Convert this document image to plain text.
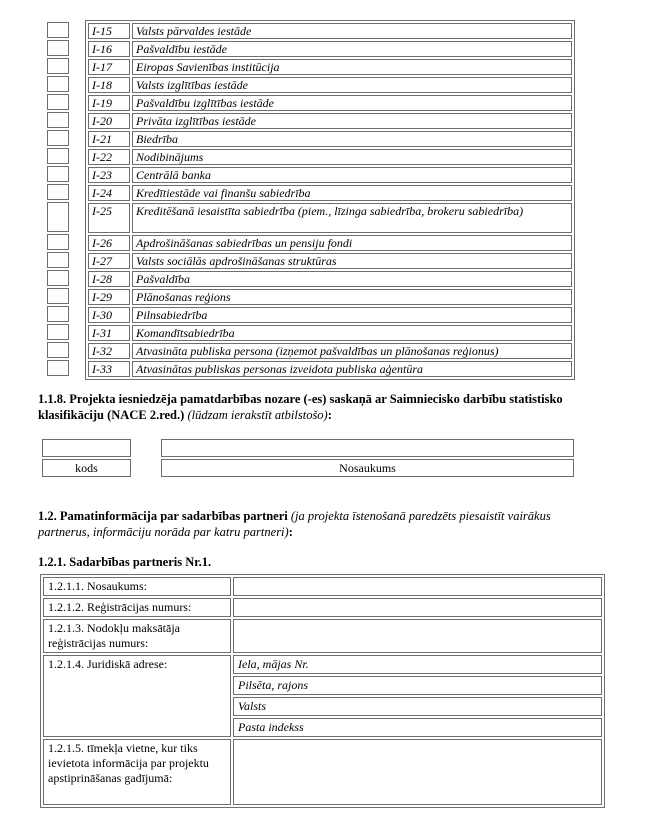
I-15	Valsts pārvaldes iestāde
I-16	Pašvaldību iestāde
I-17	Eiropas Savienības institūcija
I-18	Valsts izglītības iestāde
I-19	Pašvaldību izglītības iestāde
I-20	Privāta izglītības iestāde
I-21	Biedrība
I-22	Nodibinājums
I-23	Centrālā banka
I-24	Kredītiestāde vai finanšu sabiedrība
I-25	Kreditēšanā iesaistīta sabiedrība (piem., līzinga sabiedrība, brokeru sabiedrība)
I-26	Apdrošināšanas sabiedrības un pensiju fondi
I-27	Valsts sociālās apdrošināšanas struktūras
I-28	Pašvaldība
I-29	Plānošanas reģions
I-30	Pilnsabiedrība
I-31	Komandītsabiedrība
I-32	Atvasināta publiska persona (izņemot pašvaldības un plānošanas reģionus)
I-33	Atvasinātas publiskas personas izveidota publiska aģentūra

1.1.8. Projekta iesniedzēja pamatdarbības nozare (-es) saskaņā ar Saimniecisko darbību statistisko klasifikāciju (NACE 2.red.) (lūdzam ierakstīt atbilstošo):

kods	Nosaukums

1.2. Pamatinformācija par sadarbības partneri (ja projekta īstenošanā paredzēts piesaistīt vairākus partnerus, informāciju norāda par katru partneri):

1.2.1. Sadarbības partneris Nr.1.

1.2.1.1. Nosaukums:	
1.2.1.2. Reģistrācijas numurs:	
1.2.1.3. Nodokļu maksātāja reģistrācijas numurs:	
1.2.1.4. Juridiskā adrese:	Iela, mājas Nr.
	Pilsēta, rajons
	Valsts
	Pasta indekss
1.2.1.5. tīmekļa vietne, kur tiks ievietota informācija par projektu apstiprināšanas gadījumā:	
